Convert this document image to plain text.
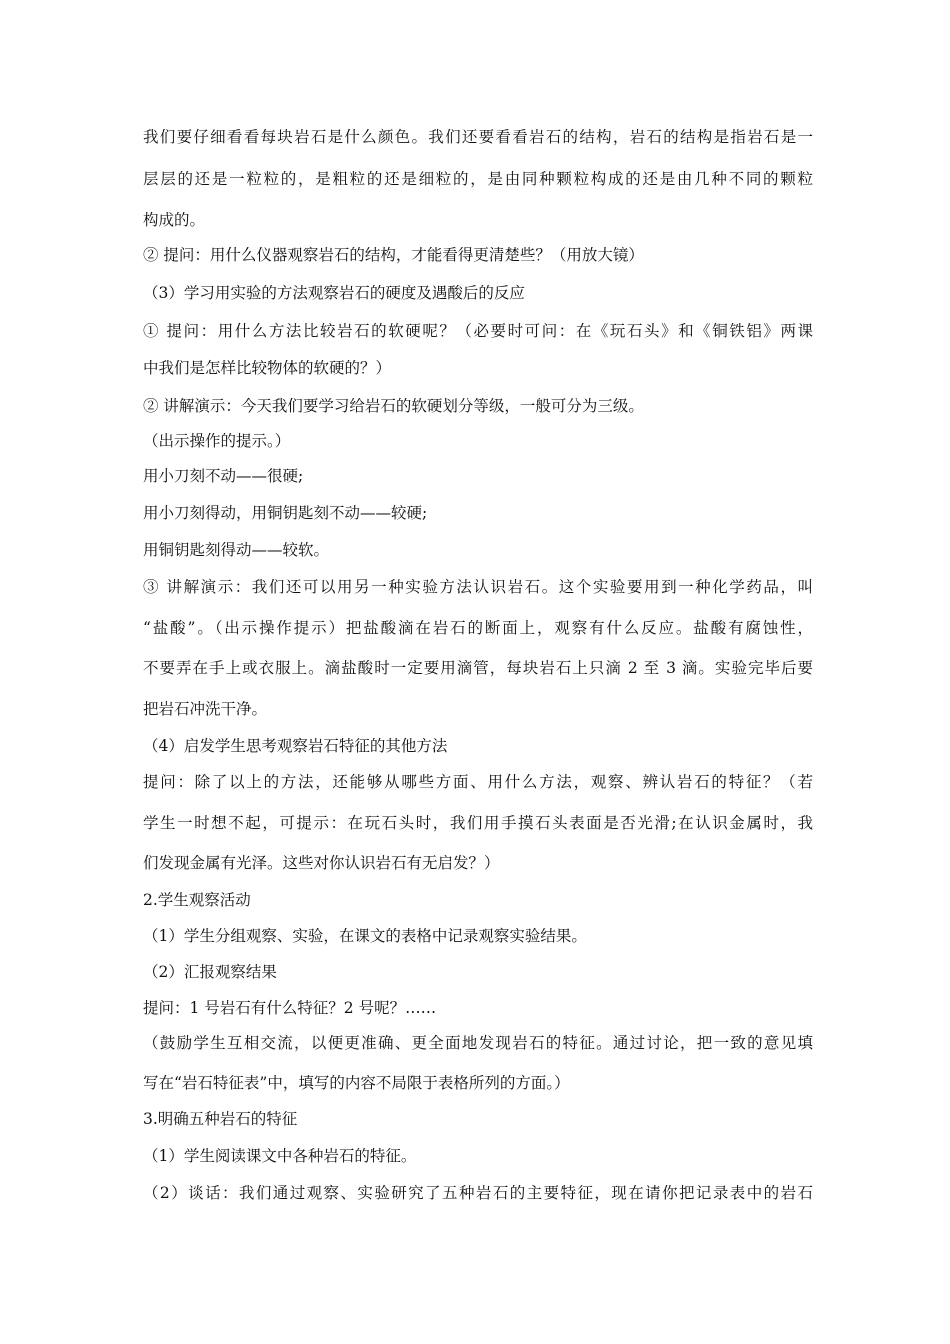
我们要仔细看看每块岩石是什么颜色。我们还要看看岩石的结构，岩石的结构是指岩石是一
层层的还是一粒粒的，是粗粒的还是细粒的，是由同种颗粒构成的还是由几种不同的颗粒
构成的。
② 提问：用什么仪器观察岩石的结构，才能看得更清楚些？（用放大镜）
（3）学习用实验的方法观察岩石的硬度及遇酸后的反应
① 提问：用什么方法比较岩石的软硬呢？（必要时可问：在《玩石头》和《铜铁铝》两课
中我们是怎样比较物体的软硬的？）
② 讲解演示：今天我们要学习给岩石的软硬划分等级，一般可分为三级。
（出示操作的提示。）
用小刀刻不动——很硬;
用小刀刻得动，用铜钥匙刻不动——较硬;
用铜钥匙刻得动——较软。
③ 讲解演示：我们还可以用另一种实验方法认识岩石。这个实验要用到一种化学药品，叫
“盐酸”。（出示操作提示）把盐酸滴在岩石的断面上，观察有什么反应。盐酸有腐蚀性，
不要弄在手上或衣服上。滴盐酸时一定要用滴管，每块岩石上只滴 2 至 3 滴。实验完毕后要
把岩石冲洗干净。
（4）启发学生思考观察岩石特征的其他方法
提问：除了以上的方法，还能够从哪些方面、用什么方法，观察、辨认岩石的特征？（若
学生一时想不起，可提示：在玩石头时，我们用手摸石头表面是否光滑;在认识金属时，我
们发现金属有光泽。这些对你认识岩石有无启发？）
2.学生观察活动
（1）学生分组观察、实验，在课文的表格中记录观察实验结果。
（2）汇报观察结果
提问：1 号岩石有什么特征？2 号呢？……
（鼓励学生互相交流，以便更准确、更全面地发现岩石的特征。通过讨论，把一致的意见填
写在“岩石特征表”中，填写的内容不局限于表格所列的方面。）
3.明确五种岩石的特征
（1）学生阅读课文中各种岩石的特征。
（2）谈话：我们通过观察、实验研究了五种岩石的主要特征，现在请你把记录表中的岩石
